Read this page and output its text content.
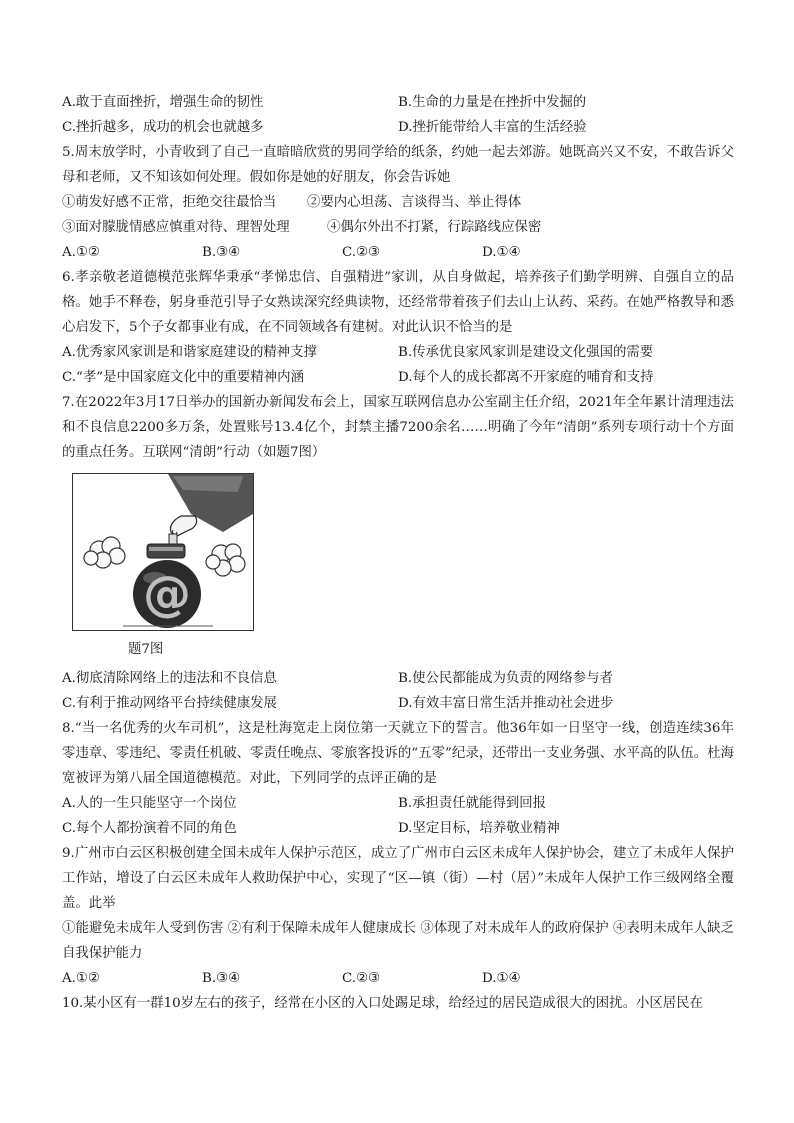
A.敢于直面挫折，增强生命的韧性	B.生命的力量是在挫折中发掘的
C.挫折越多，成功的机会也就越多	D.挫折能带给人丰富的生活经验
5.周末放学时，小青收到了自己一直暗暗欣赏的男同学给的纸条，约她一起去郊游。她既高兴又不安，不敢告诉父母和老师，又不知该如何处理。假如你是她的好朋友，你会告诉她
①萌发好感不正常，拒绝交往最恰当	②要内心坦荡、言谈得当、举止得体
③面对朦胧情感应慎重对待、理智处理	④偶尔外出不打紧，行踪路线应保密
A.①②	B.③④	C.②③	D.①④
6.孝亲敬老道德模范张辉华秉承“孝悌忠信、自强精进”家训，从自身做起，培养孩子们勤学明辨、自强自立的品格。她手不释卷，躬身垂范引导子女熟读深究经典读物，还经常带着孩子们去山上认药、采药。在她严格教导和悉心启发下，5个子女都事业有成，在不同领域各有建树。对此认识不恰当的是
A.优秀家风家训是和谐家庭建设的精神支撑	B.传承优良家风家训是建设文化强国的需要
C.“孝”是中国家庭文化中的重要精神内涵	D.每个人的成长都离不开家庭的哺育和支持
7.在2022年3月17日举办的国新办新闻发布会上，国家互联网信息办公室副主任介绍，2021年全年累计清理违法和不良信息2200多万条，处置账号13.4亿个，封禁主播7200余名……明确了今年“清朗”系列专项行动十个方面的重点任务。互联网“清朗”行动（如题7图）
@
题7图
A.彻底清除网络上的违法和不良信息	B.使公民都能成为负责的网络参与者
C.有利于推动网络平台持续健康发展	D.有效丰富日常生活并推动社会进步
8.“当一名优秀的火车司机”，这是杜海宽走上岗位第一天就立下的誓言。他36年如一日坚守一线，创造连续36年零违章、零违纪、零责任机破、零责任晚点、零旅客投诉的“五零”纪录，还带出一支业务强、水平高的队伍。杜海宽被评为第八届全国道德模范。对此，下列同学的点评正确的是
A.人的一生只能坚守一个岗位	B.承担责任就能得到回报
C.每个人都扮演着不同的角色	D.坚定目标，培养敬业精神
9.广州市白云区积极创建全国未成年人保护示范区，成立了广州市白云区未成年人保护协会，建立了未成年人保护工作站，增设了白云区未成年人救助保护中心，实现了“区—镇（街）—村（居）”未成年人保护工作三级网络全覆盖。此举
①能避免未成年人受到伤害 ②有利于保障未成年人健康成长 ③体现了对未成年人的政府保护 ④表明未成年人缺乏自我保护能力
A.①②	B.③④	C.②③	D.①④
10.某小区有一群10岁左右的孩子，经常在小区的入口处踢足球，给经过的居民造成很大的困扰。小区居民在
